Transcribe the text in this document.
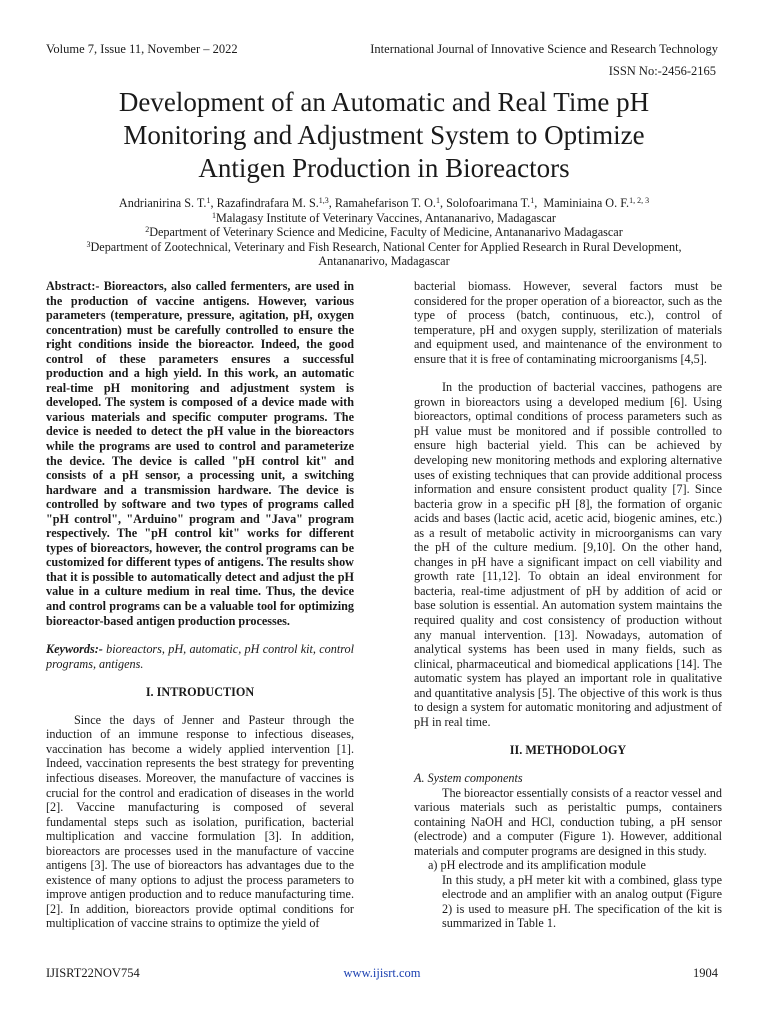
Volume 7, Issue 11, November – 2022	International Journal of Innovative Science and Research Technology
ISSN No:-2456-2165
Development of an Automatic and Real Time pH
Monitoring and Adjustment System to Optimize
Antigen Production in Bioreactors
Andrianirina S. T.$^1$, Razafindrafara M. S.$^{1,3}$, Ramahefarison T. O.$^1$, Solofoarimana T.$^1$,  Maminiaina O. F.$^{1, 2, 3}$
$^1$Malagasy Institute of Veterinary Vaccines, Antananarivo, Madagascar
$^2$Department of Veterinary Science and Medicine, Faculty of Medicine, Antananarivo Madagascar
$^3$Department of Zootechnical, Veterinary and Fish Research, National Center for Applied Research in Rural Development,
Antananarivo, Madagascar

Abstract:- Bioreactors, also called fermenters, are used in the production of vaccine antigens. However, various parameters (temperature, pressure, agitation, pH, oxygen concentration) must be carefully controlled to ensure the right conditions inside the bioreactor. Indeed, the good control of these parameters ensures a successful production and a high yield. In this work, an automatic real-time pH monitoring and adjustment system is developed. The system is composed of a device made with various materials and specific computer programs. The device is needed to detect the pH value in the bioreactors while the programs are used to control and parameterize the device. The device is called "pH control kit" and consists of a pH sensor, a processing unit, a switching hardware and a transmission hardware. The device is controlled by software and two types of programs called "pH control", "Arduino" program and "Java" program respectively. The "pH control kit" works for different types of bioreactors, however, the control programs can be customized for different types of antigens. The results show that it is possible to automatically detect and adjust the pH value in a culture medium in real time. Thus, the device and control programs can be a valuable tool for optimizing bioreactor-based antigen production processes.

Keywords:- bioreactors, pH, automatic, pH control kit, control programs, antigens.

I. INTRODUCTION

Since the days of Jenner and Pasteur through the induction of an immune response to infectious diseases, vaccination has become a widely applied intervention [1]. Indeed, vaccination represents the best strategy for preventing infectious diseases. Moreover, the manufacture of vaccines is crucial for the control and eradication of diseases in the world [2]. Vaccine manufacturing is composed of several fundamental steps such as isolation, purification, bacterial multiplication and vaccine formulation [3]. In addition, bioreactors are processes used in the manufacture of vaccine antigens [3]. The use of bioreactors has advantages due to the existence of many options to adjust the process parameters to improve antigen production and to reduce manufacturing time. [2]. In addition, bioreactors provide optimal conditions for multiplication of vaccine strains to optimize the yield of

bacterial biomass. However, several factors must be considered for the proper operation of a bioreactor, such as the type of process (batch, continuous, etc.), control of temperature, pH and oxygen supply, sterilization of materials and equipment used, and maintenance of the environment to ensure that it is free of contaminating microorganisms [4,5].

In the production of bacterial vaccines, pathogens are grown in bioreactors using a developed medium [6]. Using bioreactors, optimal conditions of process parameters such as pH value must be monitored and if possible controlled to ensure high bacterial yield. This can be achieved by developing new monitoring methods and exploring alternative uses of existing techniques that can provide additional process information and ensure consistent product quality [7]. Since bacteria grow in a specific pH [8], the formation of organic acids and bases (lactic acid, acetic acid, biogenic amines, etc.) as a result of metabolic activity in microorganisms can vary the pH of the culture medium. [9,10]. On the other hand, changes in pH have a significant impact on cell viability and growth rate [11,12]. To obtain an ideal environment for bacteria, real-time adjustment of pH by addition of acid or base solution is essential. An automation system maintains the required quality and cost consistency of production without any manual intervention. [13]. Nowadays, automation of analytical systems has been used in many fields, such as clinical, pharmaceutical and biomedical applications [14]. The automatic system has played an important role in qualitative and quantitative analysis [5]. The objective of this work is thus to design a system for automatic monitoring and adjustment of pH in real time.

II. METHODOLOGY

A. System components

The bioreactor essentially consists of a reactor vessel and various materials such as peristaltic pumps, containers containing NaOH and HCl, conduction tubing, a pH sensor (electrode) and a computer (Figure 1). However, additional materials and computer programs are designed in this study.

a) pH electrode and its amplification module

In this study, a pH meter kit with a combined, glass type electrode and an amplifier with an analog output (Figure 2) is used to measure pH. The specification of the kit is summarized in Table 1.

IJISRT22NOV754	www.ijisrt.com	1904
